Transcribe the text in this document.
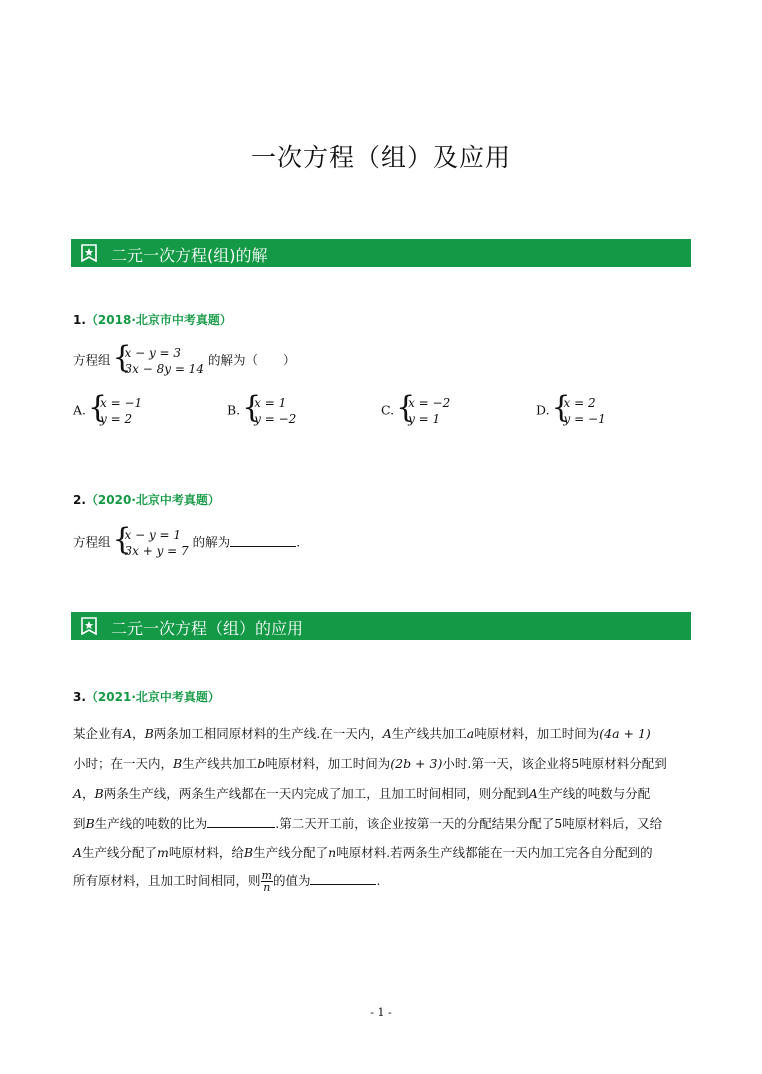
一次方程（组）及应用
二元一次方程(组)的解
1.（2018·北京市中考真题）
方程组 {
x − y = 3
3x − 8y = 14
的解为（　　）
A. {
x = −1
y = 2
B. {
x = 1
y = −2
C. {
x = −2
y = 1
D. {
x = 2
y = −1
2.（2020·北京中考真题）
方程组 {
x − y = 1
3x + y = 7
的解为	.
二元一次方程（组）的应用
3.（2021·北京中考真题）
某企业有A，B两条加工相同原材料的生产线.在一天内，A生产线共加工a吨原材料，加工时间为(4a + 1)
小时；在一天内，B生产线共加工b吨原材料，加工时间为(2b + 3)小时.第一天，该企业将5吨原材料分配到
A，B两条生产线，两条生产线都在一天内完成了加工，且加工时间相同，则分配到A生产线的吨数与分配
到B生产线的吨数的比为	.第二天开工前，该企业按第一天的分配结果分配了5吨原材料后，又给
A生产线分配了m吨原材料，给B生产线分配了n吨原材料.若两条生产线都能在一天内加工完各自分配到的
所有原材料，且加工时间相同，则 $\frac{m}{n}$的值为	.
- 1 -
